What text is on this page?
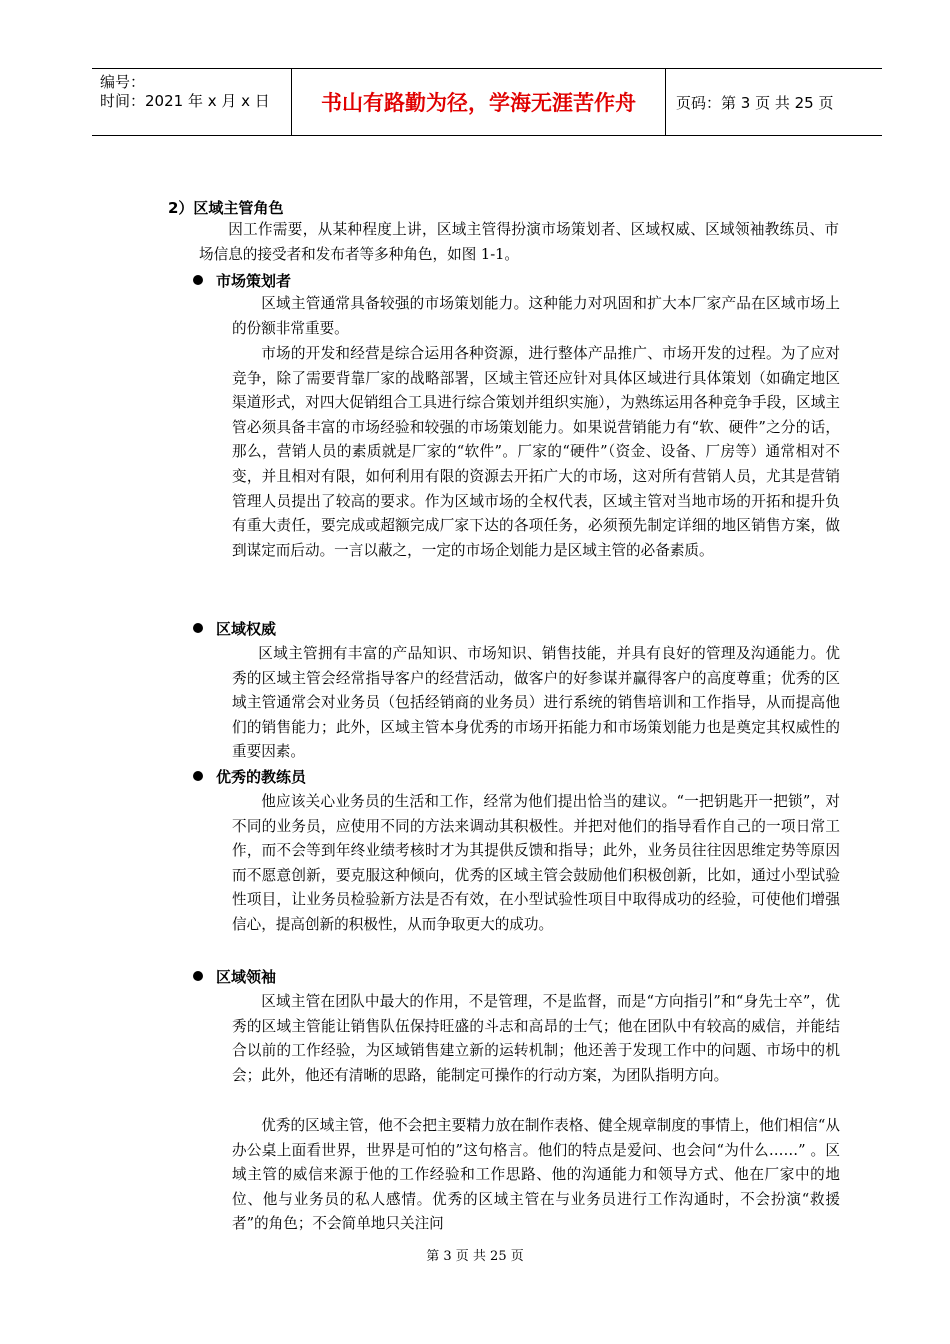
编号：
时间：2021 年 x 月 x 日	书山有路勤为径，学海无涯苦作舟	页码：第 3 页 共 25 页
2）区域主管角色
因工作需要，从某种程度上讲，区域主管得扮演市场策划者、区域权威、区域领袖教练员、市场信息的接受者和发布者等多种角色，如图 1-1。
市场策划者
区域主管通常具备较强的市场策划能力。这种能力对巩固和扩大本厂家产品在区域市场上的份额非常重要。
市场的开发和经营是综合运用各种资源，进行整体产品推广、市场开发的过程。为了应对竞争，除了需要背靠厂家的战略部署，区域主管还应针对具体区域进行具体策划（如确定地区渠道形式，对四大促销组合工具进行综合策划并组织实施），为熟练运用各种竞争手段，区域主管必须具备丰富的市场经验和较强的市场策划能力。如果说营销能力有“软、硬件”之分的话，那么，营销人员的素质就是厂家的“软件”。厂家的“硬件”（资金、设备、厂房等）通常相对不变，并且相对有限，如何利用有限的资源去开拓广大的市场，这对所有营销人员，尤其是营销管理人员提出了较高的要求。作为区域市场的全权代表，区域主管对当地市场的开拓和提升负有重大责任，要完成或超额完成厂家下达的各项任务，必须预先制定详细的地区销售方案，做到谋定而后动。一言以蔽之，一定的市场企划能力是区域主管的必备素质。
区域权威
区域主管拥有丰富的产品知识、市场知识、销售技能，并具有良好的管理及沟通能力。优秀的区域主管会经常指导客户的经营活动，做客户的好参谋并赢得客户的高度尊重；优秀的区域主管通常会对业务员（包括经销商的业务员）进行系统的销售培训和工作指导，从而提高他们的销售能力；此外，区域主管本身优秀的市场开拓能力和市场策划能力也是奠定其权威性的重要因素。
优秀的教练员
他应该关心业务员的生活和工作，经常为他们提出恰当的建议。“一把钥匙开一把锁”，对不同的业务员，应使用不同的方法来调动其积极性。并把对他们的指导看作自己的一项日常工作，而不会等到年终业绩考核时才为其提供反馈和指导；此外，业务员往往因思维定势等原因而不愿意创新，要克服这种倾向，优秀的区域主管会鼓励他们积极创新，比如，通过小型试验性项目，让业务员检验新方法是否有效，在小型试验性项目中取得成功的经验，可使他们增强信心，提高创新的积极性，从而争取更大的成功。
区域领袖
区域主管在团队中最大的作用，不是管理，不是监督，而是“方向指引”和“身先士卒”，优秀的区域主管能让销售队伍保持旺盛的斗志和高昂的士气；他在团队中有较高的威信，并能结合以前的工作经验，为区域销售建立新的运转机制；他还善于发现工作中的问题、市场中的机会；此外，他还有清晰的思路，能制定可操作的行动方案，为团队指明方向。
优秀的区域主管，他不会把主要精力放在制作表格、健全规章制度的事情上，他们相信“从办公桌上面看世界，世界是可怕的”这句格言。他们的特点是爱问、也会问“为什么……” 。区域主管的威信来源于他的工作经验和工作思路、他的沟通能力和领导方式、他在厂家中的地位、他与业务员的私人感情。优秀的区域主管在与业务员进行工作沟通时，不会扮演“救援者”的角色；不会简单地只关注问
第 3 页 共 25 页
